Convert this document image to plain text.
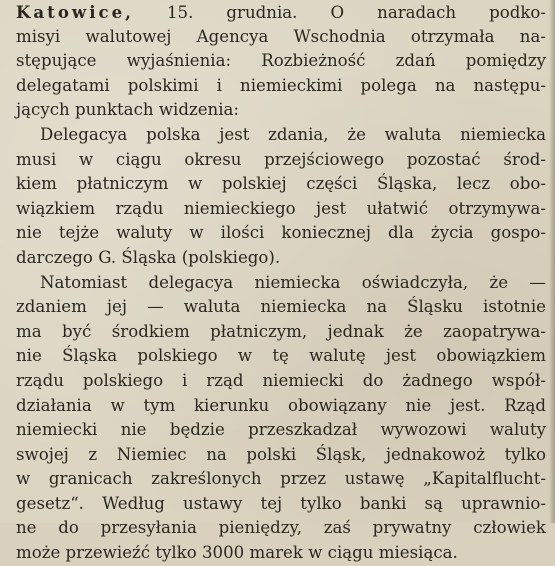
Katowice, 15. grudnia. O naradach podko-
misyi walutowej Agencya Wschodnia otrzymała na-
stępujące wyjaśnienia: Rozbieżność zdań pomiędzy
delegatami polskimi i niemieckimi polega na następu-
jących punktach widzenia:
Delegacya polska jest zdania, że waluta niemiecka
musi w ciągu okresu przejściowego pozostać środ-
kiem płatniczym w polskiej części Śląska, lecz obo-
wiązkiem rządu niemieckiego jest ułatwić otrzymywa-
nie tejże waluty w ilości koniecznej dla życia gospo-
darczego G. Śląska (polskiego).
Natomiast delegacya niemiecka oświadczyła, że —
zdaniem jej — waluta niemiecka na Śląsku istotnie
ma być środkiem płatniczym, jednak że zaopatrywa-
nie Śląska polskiego w tę walutę jest obowiązkiem
rządu polskiego i rząd niemiecki do żadnego współ-
działania w tym kierunku obowiązany nie jest. Rząd
niemiecki nie będzie przeszkadzał wywozowi waluty
swojej z Niemiec na polski Śląsk, jednakowoż tylko
w granicach zakreślonych przez ustawę „Kapitalflucht-
gesetz“. Według ustawy tej tylko banki są uprawnio-
ne do przesyłania pieniędzy, zaś prywatny człowiek
może przewieźć tylko 3000 marek w ciągu miesiąca.
